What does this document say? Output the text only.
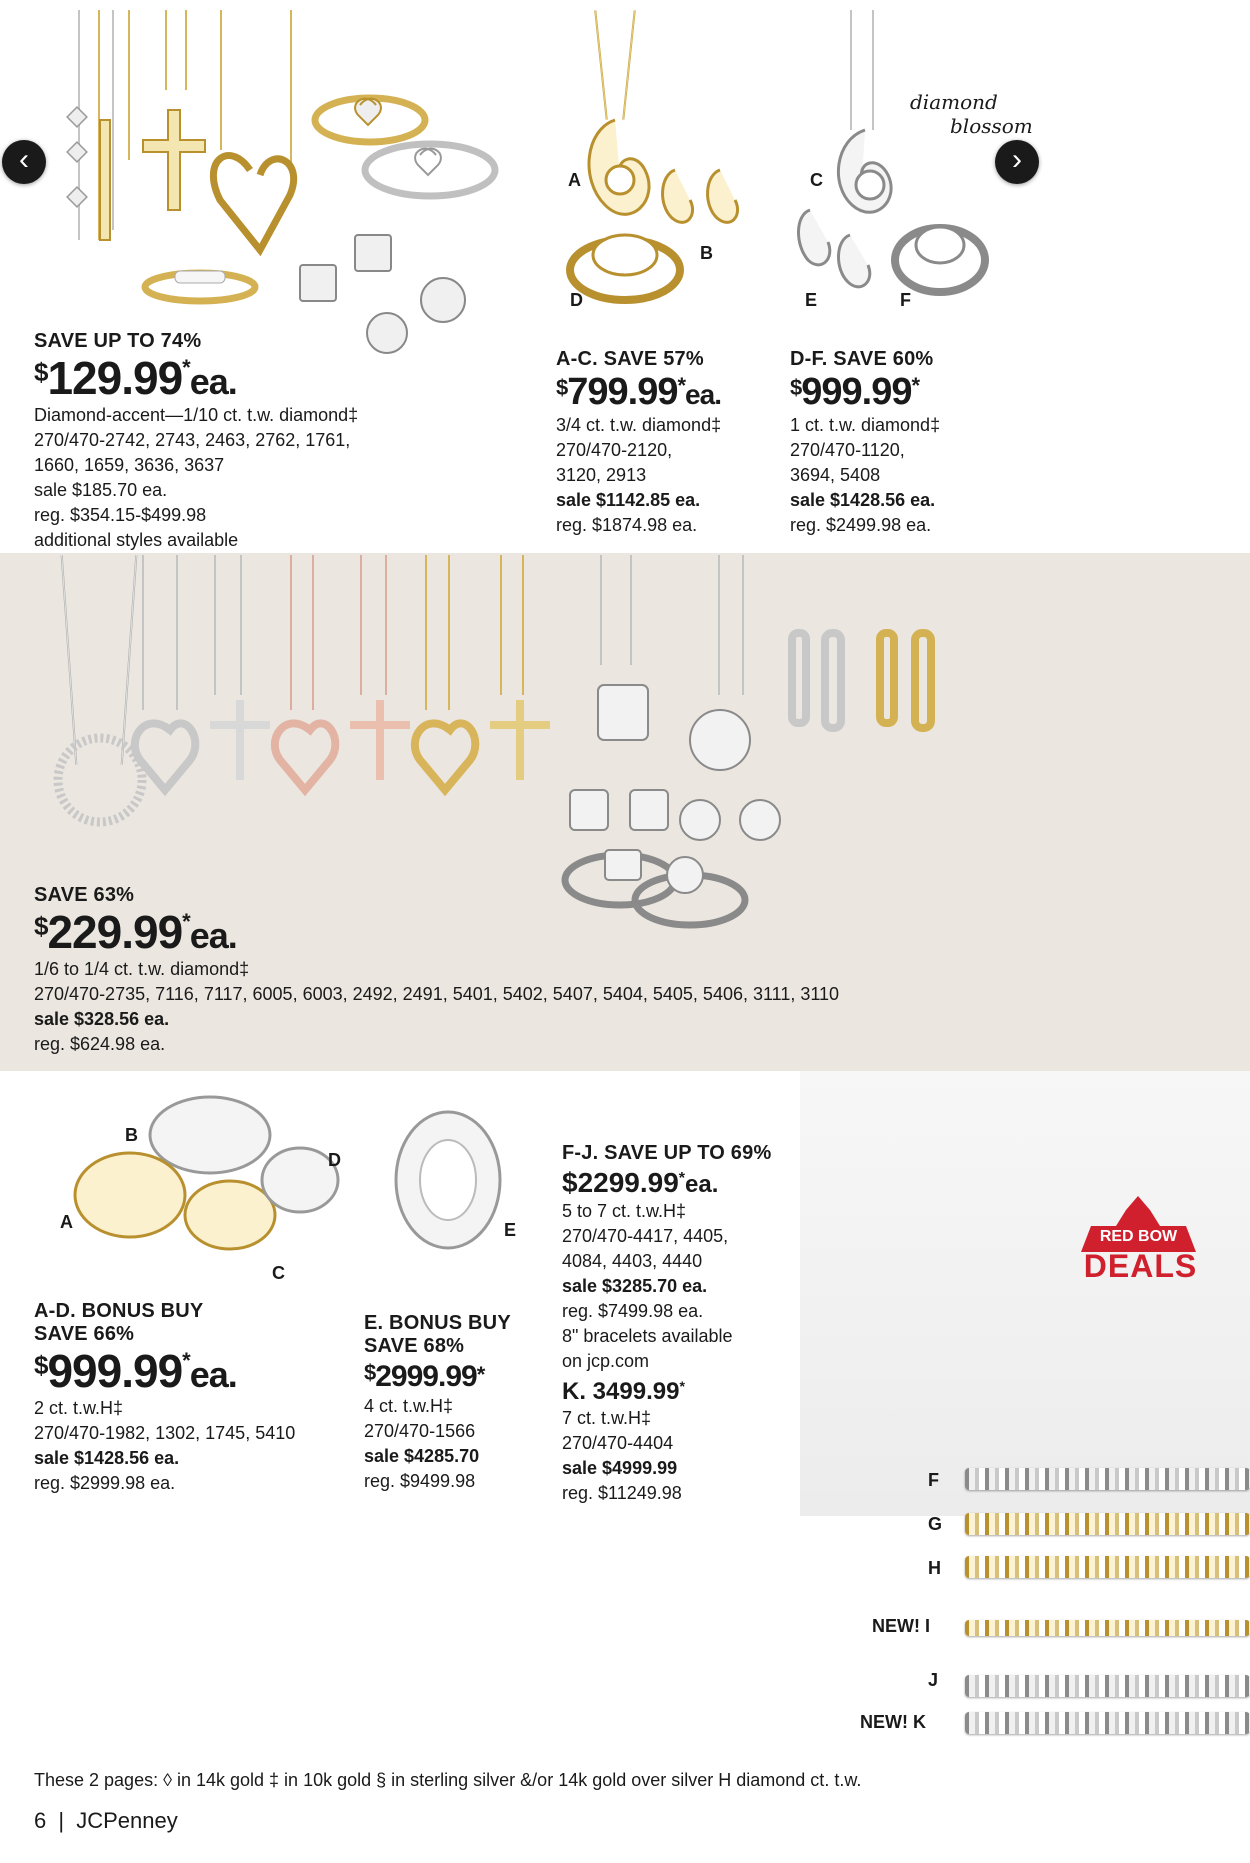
‹	›
SAVE UP TO 74%
$129.99*ea.
Diamond-accent—1/10 ct. t.w. diamond‡
270/470-2742, 2743, 2463, 2762, 1761,
1660, 1659, 3636, 3637
sale $185.70 ea.
reg. $354.15-$499.98
additional styles available
A
B
D
A-C. SAVE 57%
$799.99*ea.
3/4 ct. t.w. diamond‡
270/470-2120,
3120, 2913
sale $1142.85 ea.
reg. $1874.98 ea.
C
E	F
diamond
blossom
D-F. SAVE 60%
$999.99*
1 ct. t.w. diamond‡
270/470-1120,
3694, 5408
sale $1428.56 ea.
reg. $2499.98 ea.
SAVE 63%
$229.99*ea.
1/6 to 1/4 ct. t.w. diamond‡
270/470-2735, 7116, 7117, 6005, 6003, 2492, 2491, 5401, 5402, 5407, 5404, 5405, 5406, 3111, 3110
sale $328.56 ea.
reg. $624.98 ea.
A
B
C
D
E
A-D. BONUS BUY
SAVE 66%
$999.99*ea.
2 ct. t.w.H‡
270/470-1982, 1302, 1745, 5410
sale $1428.56 ea.
reg. $2999.98 ea.
E. BONUS BUY
SAVE 68%
$2999.99*
4 ct. t.w.H‡
270/470-1566
sale $4285.70
reg. $9499.98
F-J. SAVE UP TO 69%
$2299.99*ea.
5 to 7 ct. t.w.H‡
270/470-4417, 4405,
4084, 4403, 4440
sale $3285.70 ea.
reg. $7499.98 ea.
8" bracelets available
on jcp.com
K. 3499.99*
7 ct. t.w.H‡
270/470-4404
sale $4999.99
reg. $11249.98
RED BOW
DEALS
F
G
H
NEW! I
J
NEW! K
These 2 pages: ◊ in 14k gold ‡ in 10k gold § in sterling silver &/or 14k gold over silver H diamond ct. t.w.
6 | JCPenney
